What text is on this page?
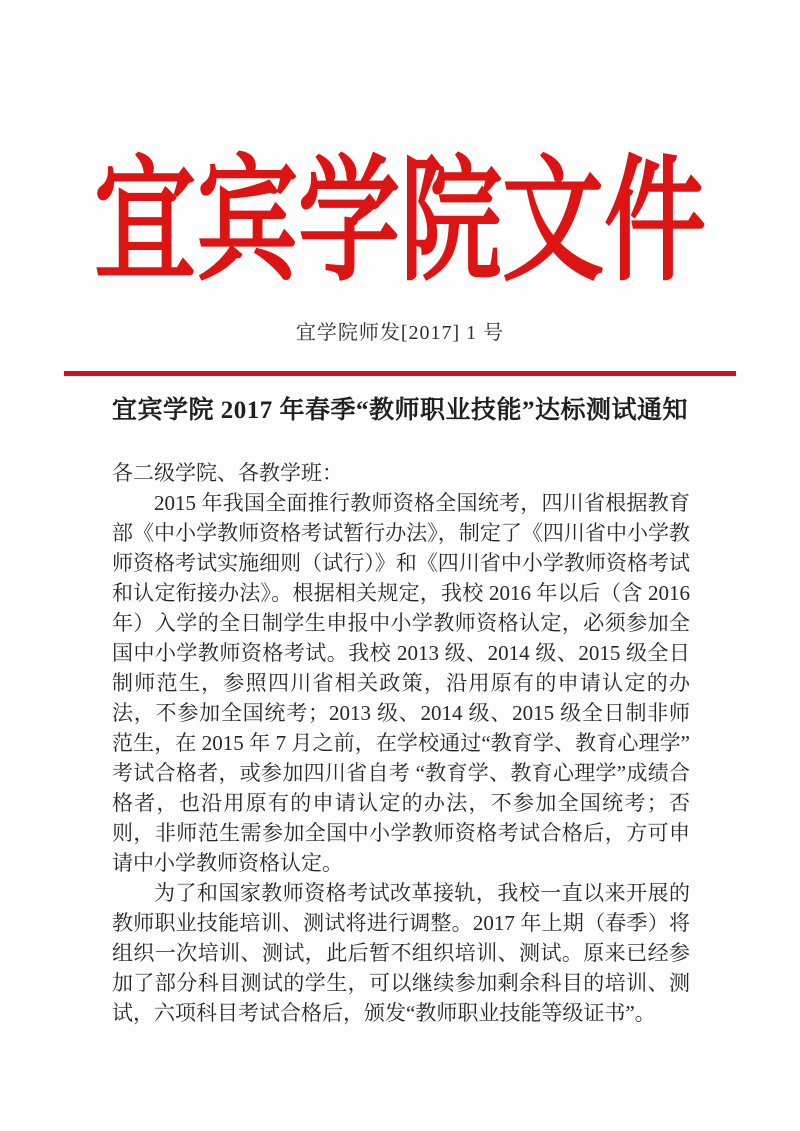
宜宾学院文件
宜学院师发[2017] 1 号
宜宾学院 2017 年春季“教师职业技能”达标测试通知

各二级学院、各教学班：

2015 年我国全面推行教师资格全国统考，四川省根据教育部《中小学教师资格考试暂行办法》，制定了《四川省中小学教师资格考试实施细则（试行）》和《四川省中小学教师资格考试和认定衔接办法》。根据相关规定，我校 2016 年以后（含 2016 年）入学的全日制学生申报中小学教师资格认定，必须参加全国中小学教师资格考试。我校 2013 级、2014 级、2015 级全日制师范生，参照四川省相关政策，沿用原有的申请认定的办法，不参加全国统考；2013 级、2014 级、2015 级全日制非师范生，在 2015 年 7 月之前，在学校通过“教育学、教育心理学”考试合格者，或参加四川省自考 “教育学、教育心理学”成绩合格者，也沿用原有的申请认定的办法，不参加全国统考；否则，非师范生需参加全国中小学教师资格考试合格后，方可申请中小学教师资格认定。

为了和国家教师资格考试改革接轨，我校一直以来开展的教师职业技能培训、测试将进行调整。2017 年上期（春季）将组织一次培训、测试，此后暂不组织培训、测试。原来已经参加了部分科目测试的学生，可以继续参加剩余科目的培训、测试，六项科目考试合格后，颁发“教师职业技能等级证书”。
